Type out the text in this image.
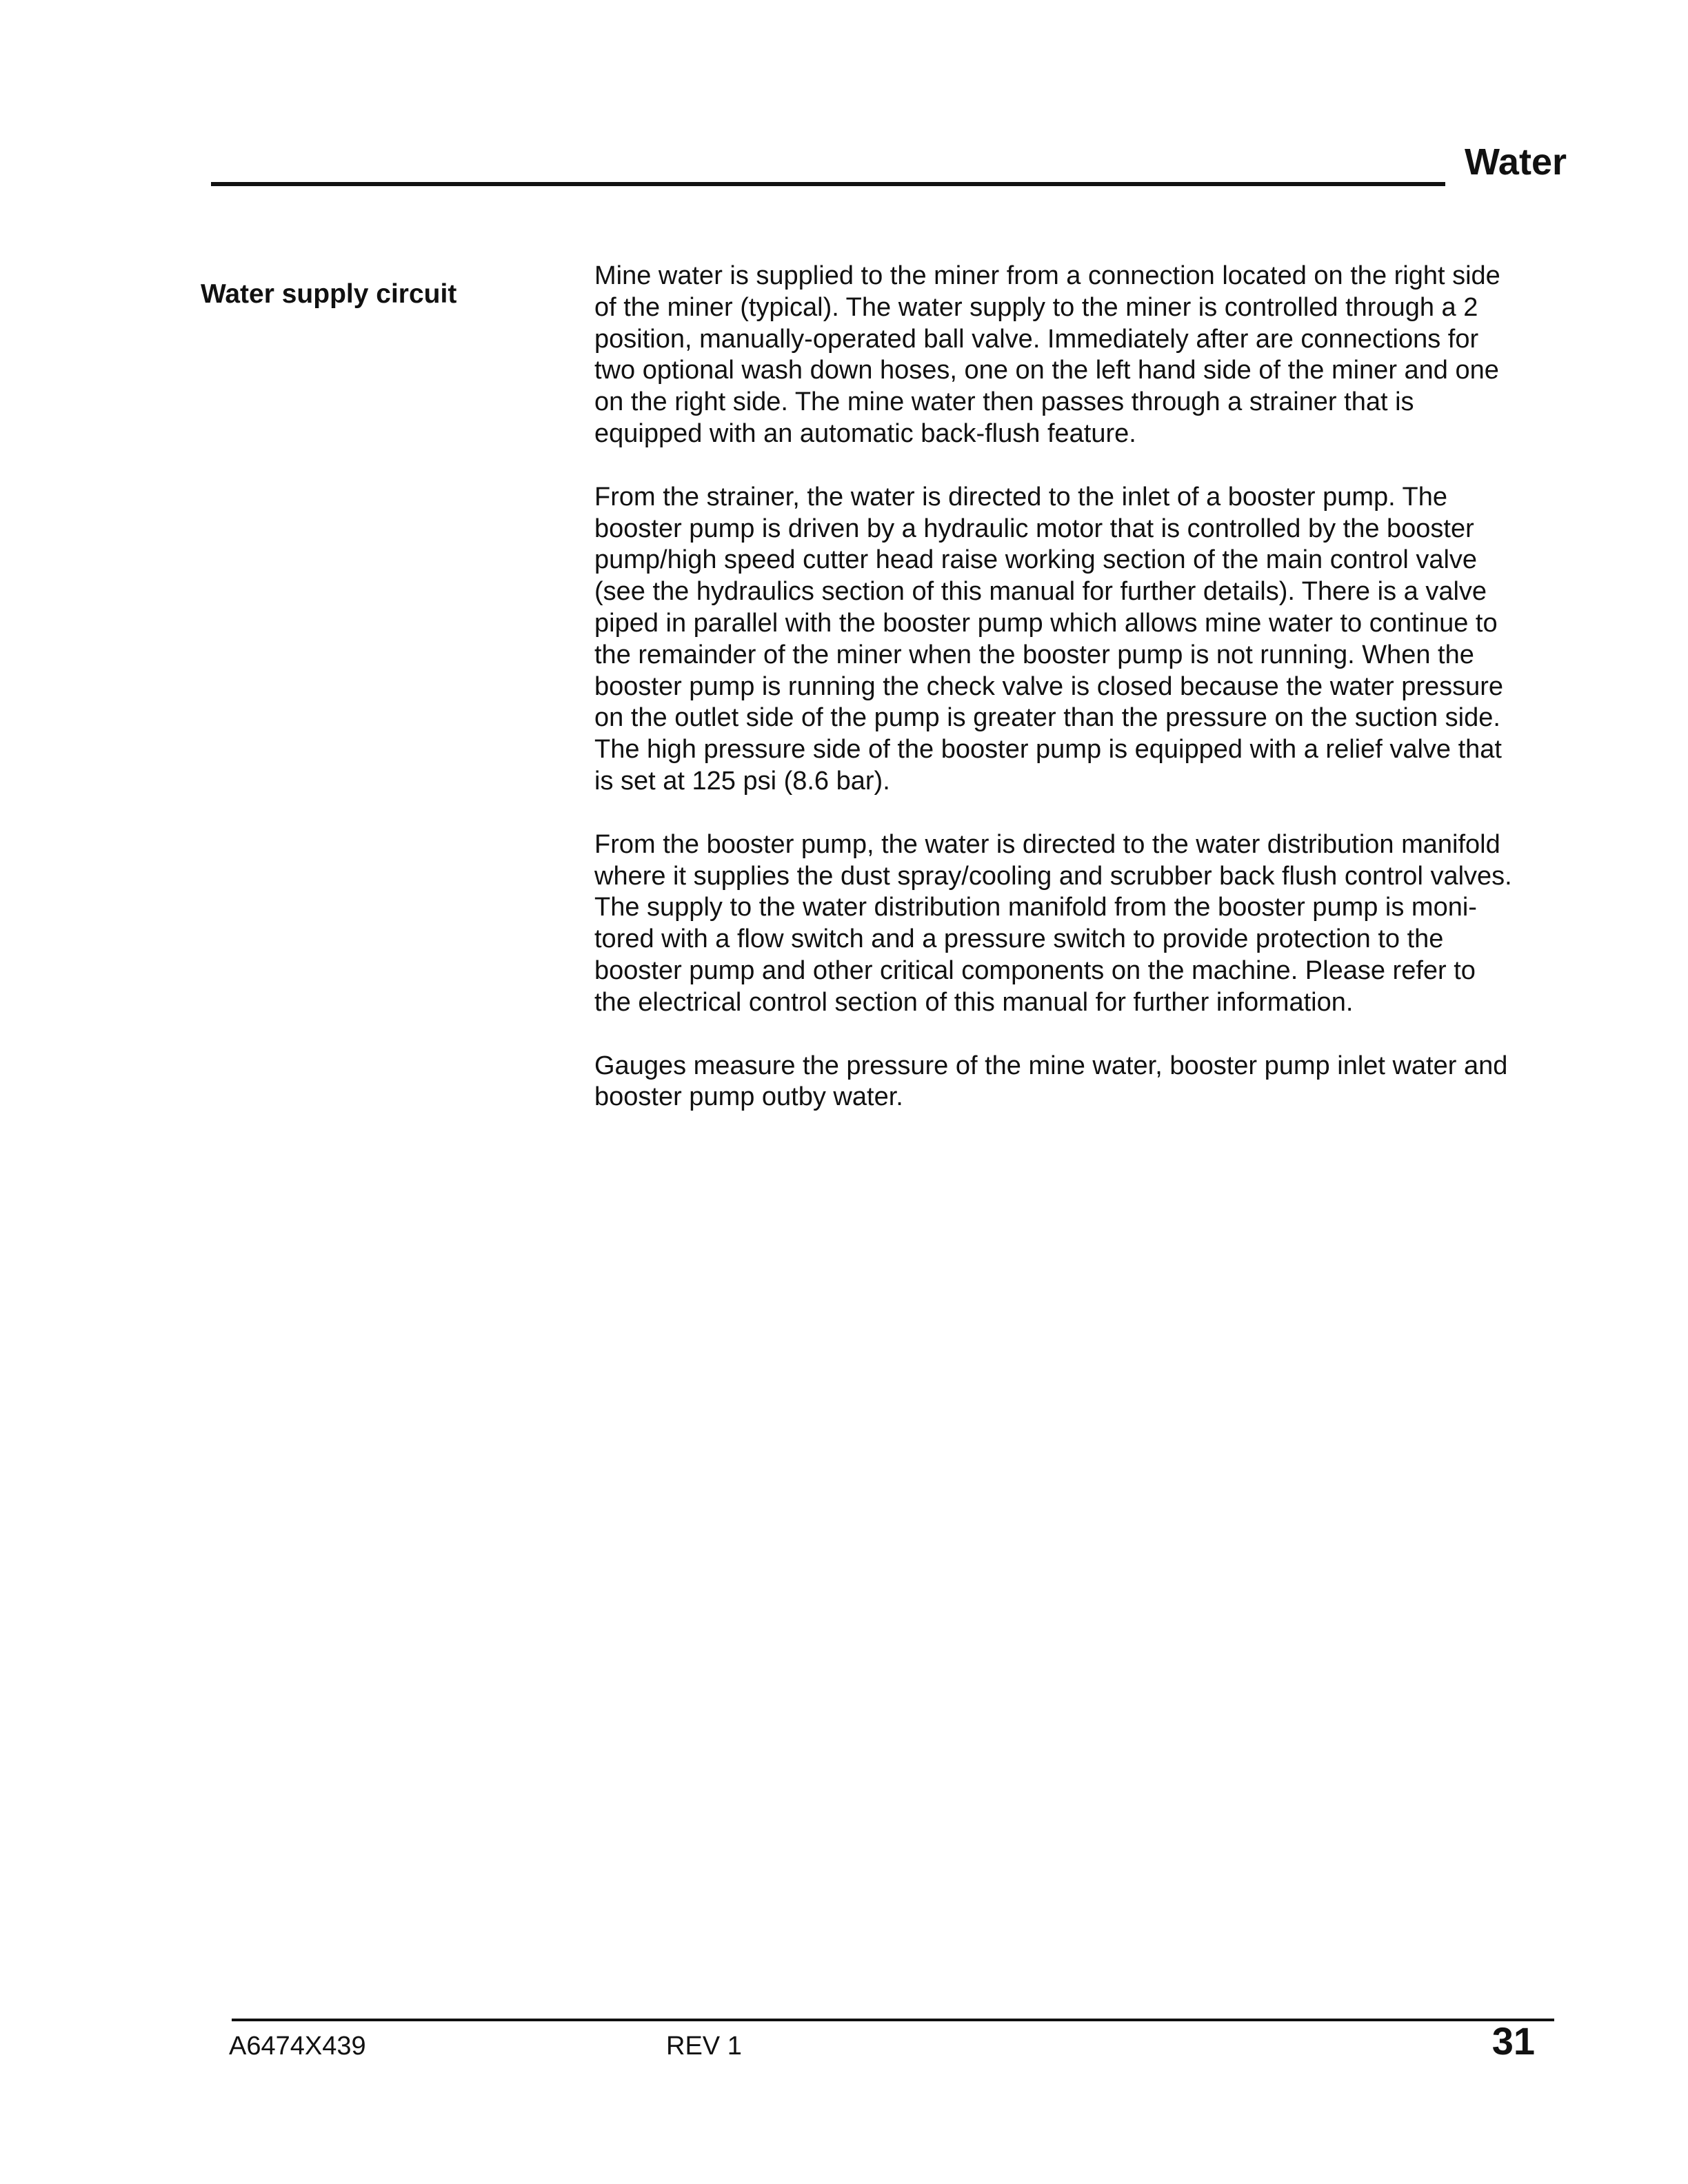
Water
Water supply circuit

Mine water is supplied to the miner from a connection located on the right side
of the miner (typical). The water supply to the miner is controlled through a 2
position, manually-operated ball valve. Immediately after are connections for
two optional wash down hoses, one on the left hand side of the miner and one
on the right side. The mine water then passes through a strainer that is
equipped with an automatic back-flush feature.

From the strainer, the water is directed to the inlet of a booster pump. The
booster pump is driven by a hydraulic motor that is controlled by the booster
pump/high speed cutter head raise working section of the main control valve
(see the hydraulics section of this manual for further details). There is a valve
piped in parallel with the booster pump which allows mine water to continue to
the remainder of the miner when the booster pump is not running. When the
booster pump is running the check valve is closed because the water pressure
on the outlet side of the pump is greater than the pressure on the suction side.
The high pressure side of the booster pump is equipped with a relief valve that
is set at 125 psi (8.6 bar).

From the booster pump, the water is directed to the water distribution manifold
where it supplies the dust spray/cooling and scrubber back flush control valves.
The supply to the water distribution manifold from the booster pump is moni-
tored with a flow switch and a pressure switch to provide protection to the
booster pump and other critical components on the machine. Please refer to
the electrical control section of this manual for further information.

Gauges measure the pressure of the mine water, booster pump inlet water and
booster pump outby water.

A6474X439	REV 1	31
